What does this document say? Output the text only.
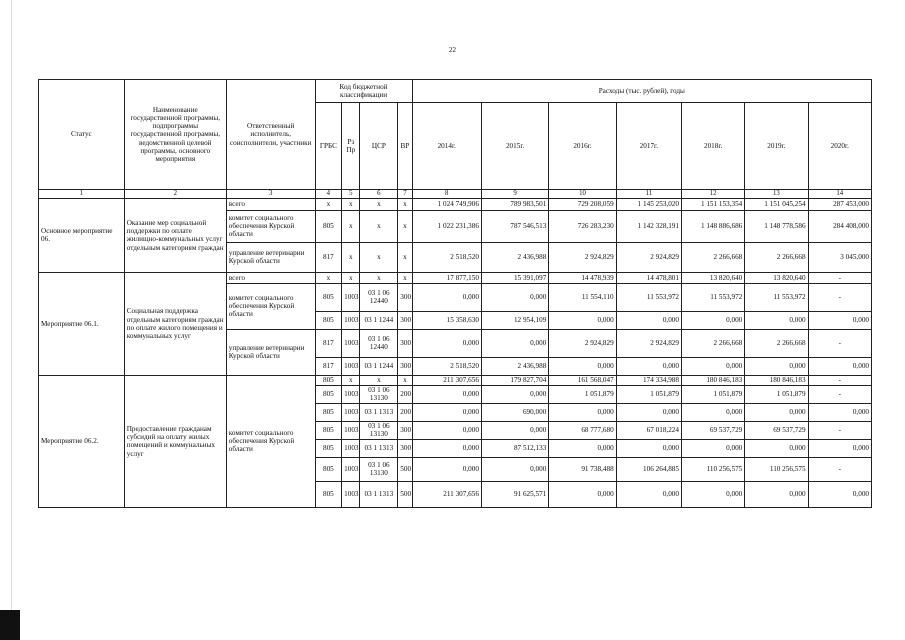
22
Статус	Наименование государственной программы, подпрограммы государственной программы, ведомственной целевой программы, основного мероприятия	Ответственный исполнитель, соисполнители, участники	Код бюджетной классификации				Расходы (тыс. рублей), годы						
			ГРБС	Рз Пр	ЦСР	ВР	2014г.	2015г.	2016г.	2017г.	2018г.	2019г.	2020г.
1	2	3	4	5	6	7	8	9	10	11	12	13	14
Основное мероприятие 06.	Оказание мер социальной поддержки по оплате жилищно-коммунальных услуг отдельным категориям граждан	всего	x	x	x	x	1 024 749,906	789 983,501	729 208,059	1 145 253,020	1 151 153,354	1 151 045,254	287 453,000
		комитет социального обеспечения Курской области	805	x	x	x	1 022 231,386	787 546,513	726 283,230	1 142 328,191	1 148 886,686	1 148 778,586	284 408,000
		управление ветеринарии Курской области	817	x	x	x	2 518,520	2 436,988	2 924,829	2 924,829	2 266,668	2 266,668	3 045,000
Мероприятие 06.1.	Социальная поддержка отдельным категориям граждан по оплате жилого помещения и коммунальных услуг	всего	x	x	x	x	17 877,150	15 391,097	14 478,939	14 478,801	13 820,640	13 820,640	-
		комитет социального обеспечения Курской области	805	1003	03 1 06 12440	300	0,000	0,000	11 554,110	11 553,972	11 553,972	11 553,972	-
			805	1003	03 1 1244	300	15 358,630	12 954,109	0,000	0,000	0,000	0,000	0,000
		управление ветеринарии Курской области	817	1003	03 1 06 12440	300	0,000	0,000	2 924,829	2 924,829	2 266,668	2 266,668	-
			817	1003	03 1 1244	300	2 518,520	2 436,988	0,000	0,000	0,000	0,000	0,000
Мероприятие 06.2.	Предоставление гражданам субсидий на оплату жилых помещений и коммунальных услуг	комитет социального обеспечения Курской области	805	x	x	x	211 307,656	179 827,704	161 568,047	174 334,988	180 846,183	180 846,183	-
			805	1003	03 1 06 13130	200	0,000	0,000	1 051,879	1 051,879	1 051,879	1 051,879	-
			805	1003	03 1 1313	200	0,000	690,000	0,000	0,000	0,000	0,000	0,000
			805	1003	03 1 06 13130	300	0,000	0,000	68 777,680	67 018,224	69 537,729	69 537,729	-
			805	1003	03 1 1313	300	0,000	87 512,133	0,000	0,000	0,000	0,000	0,000
			805	1003	03 1 06 13130	500	0,000	0,000	91 738,488	106 264,885	110 256,575	110 256,575	-
			805	1003	03 1 1313	500	211 307,656	91 625,571	0,000	0,000	0,000	0,000	0,000
